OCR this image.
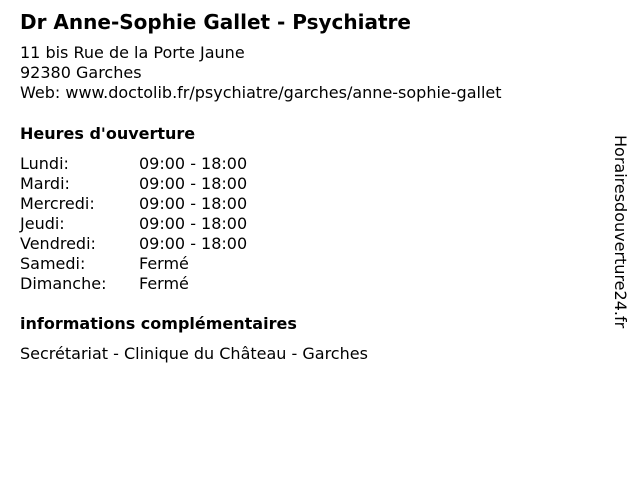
Dr Anne-Sophie Gallet - Psychiatre
11 bis Rue de la Porte Jaune
92380 Garches
Web: www.doctolib.fr/psychiatre/garches/anne-sophie-gallet
Heures d'ouverture
Lundi:	09:00 - 18:00
Mardi:	09:00 - 18:00
Mercredi:	09:00 - 18:00
Jeudi:	09:00 - 18:00
Vendredi:	09:00 - 18:00
Samedi:	Fermé
Dimanche: Fermé
informations complémentaires
Secrétariat - Clinique du Château - Garches
Horairesdouverture24.fr
